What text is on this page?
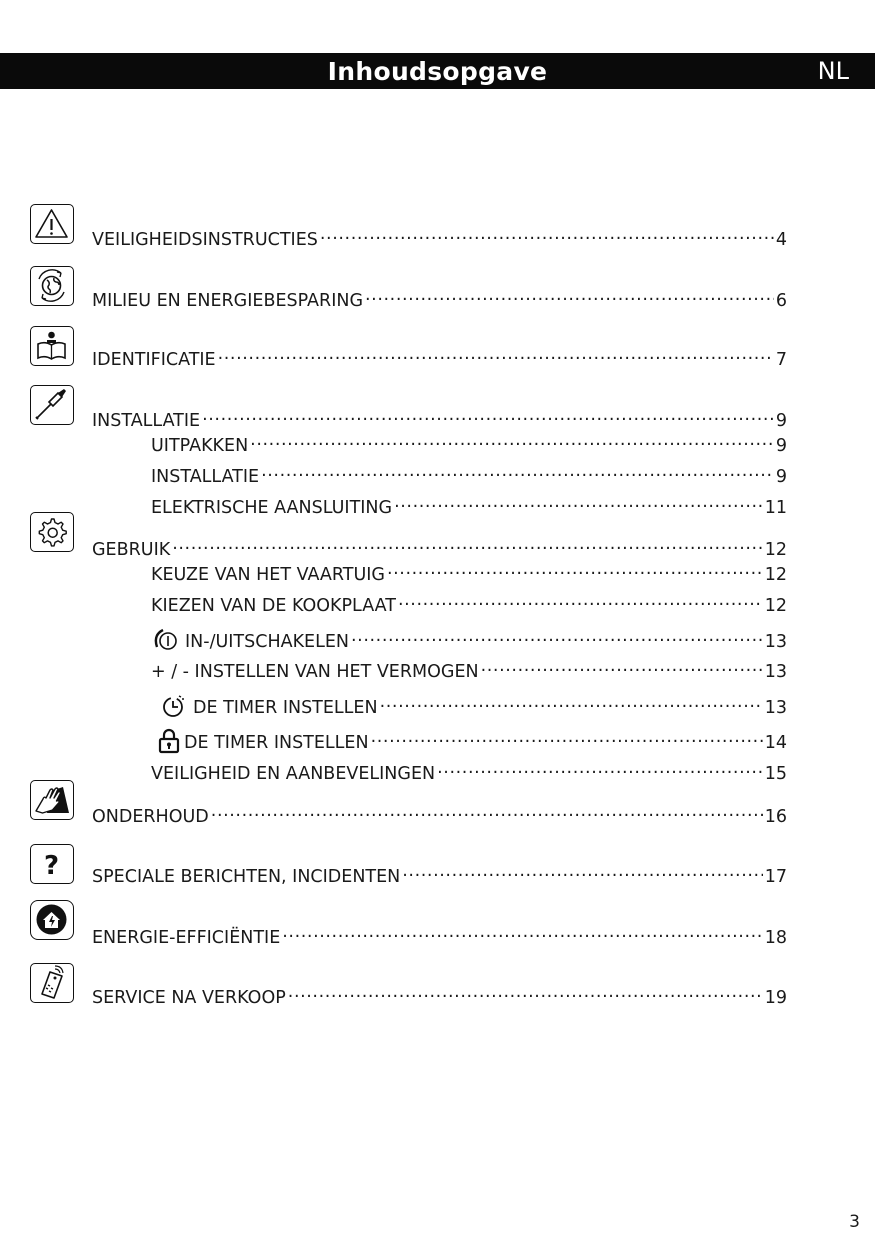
Inhoudsopgave	NL
?
VEILIGHEIDSINSTRUCTIES .....	4
MILIEU EN ENERGIEBESPARING .....	6
IDENTIFICATIE .....	7
INSTALLATIE .....	9
UITPAKKEN .....	9
INSTALLATIE .....	9
ELEKTRISCHE AANSLUITING .....	11
GEBRUIK .....	12
KEUZE VAN HET VAARTUIG .....	12
KIEZEN VAN DE KOOKPLAAT .....	12
IN-/UITSCHAKELEN .....	13
+ / - INSTELLEN VAN HET VERMOGEN .....	13
DE TIMER INSTELLEN .....	13
DE TIMER INSTELLEN .....	14
VEILIGHEID EN AANBEVELINGEN .....	15
ONDERHOUD .....	16
SPECIALE BERICHTEN, INCIDENTEN .....	17
ENERGIE-EFFICIËNTIE .....	18
SERVICE NA VERKOOP .....	19
3
